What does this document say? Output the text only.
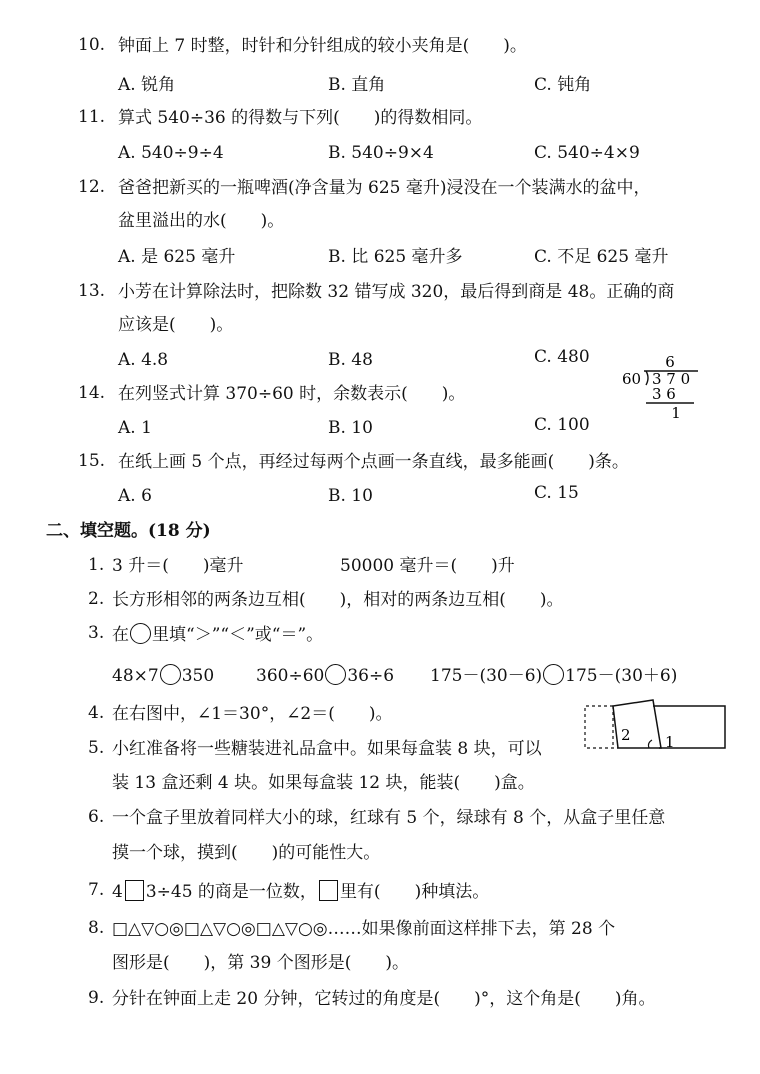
10. 钟面上 7 时整，时针和分针组成的较小夹角是(　　)。
A. 锐角	B. 直角	C. 钝角
11. 算式 540÷36 的得数与下列(　　)的得数相同。
A. 540÷9÷4	B. 540÷9×4	C. 540÷4×9
12. 爸爸把新买的一瓶啤酒(净含量为 625 毫升)浸没在一个装满水的盆中，
盆里溢出的水(　　)。
A. 是 625 毫升	B. 比 625 毫升多	C. 不足 625 毫升
13. 小芳在计算除法时，把除数 32 错写成 320，最后得到商是 48。正确的商
应该是(　　)。
A. 4.8	B. 48	C. 480
14. 在列竖式计算 370÷60 时，余数表示(　　)。
A. 1	B. 10	C. 100
6
60 3 7 0
3 6
1
15. 在纸上画 5 个点，再经过每两个点画一条直线，最多能画(　　)条。
A. 6	B. 10	C. 15
二、填空题。(18 分)
1. 3 升＝(　　)毫升	50000 毫升＝(　　)升
2. 长方形相邻的两条边互相(　　)，相对的两条边互相(　　)。
3. 在 里填“＞”“＜”或“＝”。
48×7 350 360÷60 36÷6 175－(30－6) 175－(30＋6)
4. 在右图中，∠1＝30°，∠2＝(　　)。
2 1
5. 小红准备将一些糖装进礼品盒中。如果每盒装 8 块，可以
装 13 盒还剩 4 块。如果每盒装 12 块，能装(　　)盒。
6. 一个盒子里放着同样大小的球，红球有 5 个，绿球有 8 个，从盒子里任意
摸一个球，摸到(　　)的可能性大。
7. 4 3÷45 的商是一位数， 里有(　　)种填法。
8. □△▽○◎□△▽○◎□△▽○◎……如果像前面这样排下去，第 28 个
图形是(　　)，第 39 个图形是(　　)。
9. 分针在钟面上走 20 分钟，它转过的角度是(　　)°，这个角是(　　)角。
